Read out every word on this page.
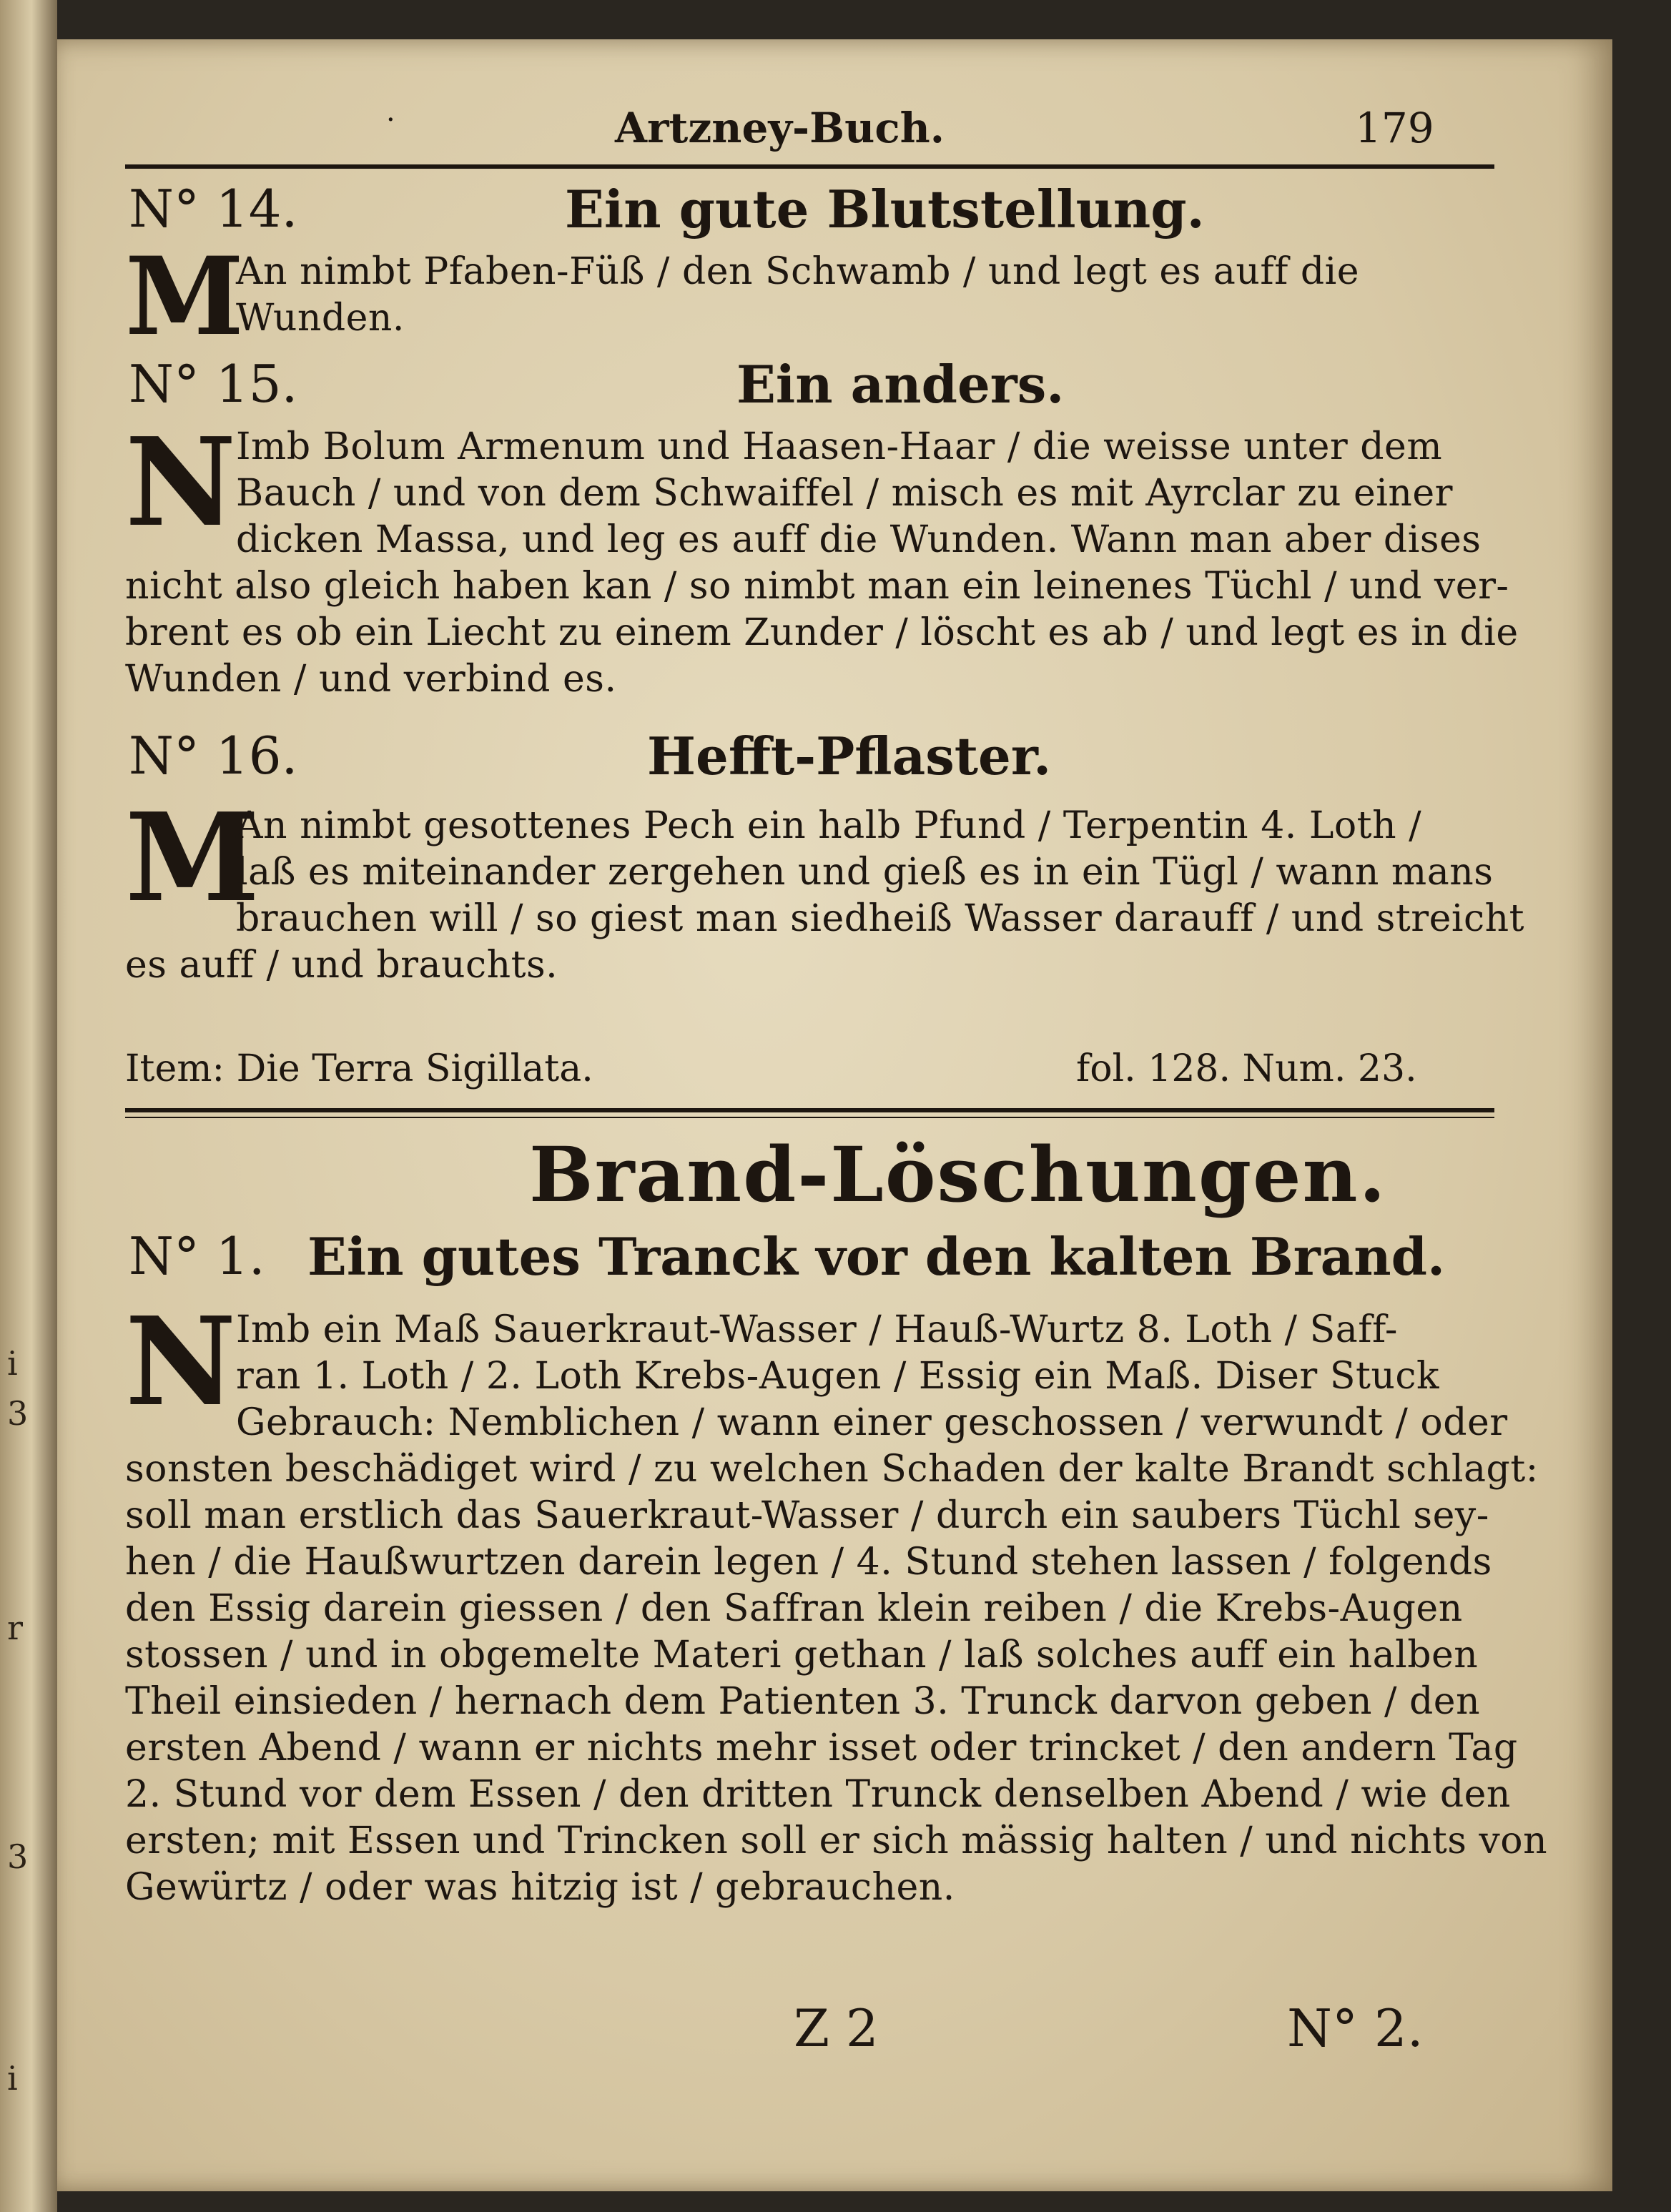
i
3
r
3
i
·	Artzney-Buch.	179
N° 14.	Ein gute Blutstellung.
M
An nimbt Pfaben-Füß / den Schwamb / und legt es auff die
Wunden.
N° 15.	Ein anders.
N Imb Bolum Armenum und Haasen-Haar / die weisse unter dem
Bauch / und von dem Schwaiffel / misch es mit Ayrclar zu einer
dicken Massa, und leg es auff die Wunden. Wann man aber dises
nicht also gleich haben kan / so nimbt man ein leinenes Tüchl / und ver-
brent es ob ein Liecht zu einem Zunder / löscht es ab / und legt es in die
Wunden / und verbind es.
N° 16.	Hefft-Pflaster.
M
An nimbt gesottenes Pech ein halb Pfund / Terpentin 4. Loth /
laß es miteinander zergehen und gieß es in ein Tügl / wann mans
brauchen will / so giest man siedheiß Wasser darauff / und streicht
es auff / und brauchts.
Item: Die Terra Sigillata.	fol. 128. Num. 23.
Brand-Löschungen.
N° 1. Ein gutes Tranck vor den kalten Brand.
N Imb ein Maß Sauerkraut-Wasser / Hauß-Wurtz 8. Loth / Saff-
ran 1. Loth / 2. Loth Krebs-Augen / Essig ein Maß. Diser Stuck
Gebrauch: Nemblichen / wann einer geschossen / verwundt / oder
sonsten beschädiget wird / zu welchen Schaden der kalte Brandt schlagt:
soll man erstlich das Sauerkraut-Wasser / durch ein saubers Tüchl sey-
hen / die Haußwurtzen darein legen / 4. Stund stehen lassen / folgends
den Essig darein giessen / den Saffran klein reiben / die Krebs-Augen
stossen / und in obgemelte Materi gethan / laß solches auff ein halben
Theil einsieden / hernach dem Patienten 3. Trunck darvon geben / den
ersten Abend / wann er nichts mehr isset oder trincket / den andern Tag
2. Stund vor dem Essen / den dritten Trunck denselben Abend / wie den
ersten; mit Essen und Trincken soll er sich mässig halten / und nichts von
Gewürtz / oder was hitzig ist / gebrauchen.
Z 2	N° 2.
